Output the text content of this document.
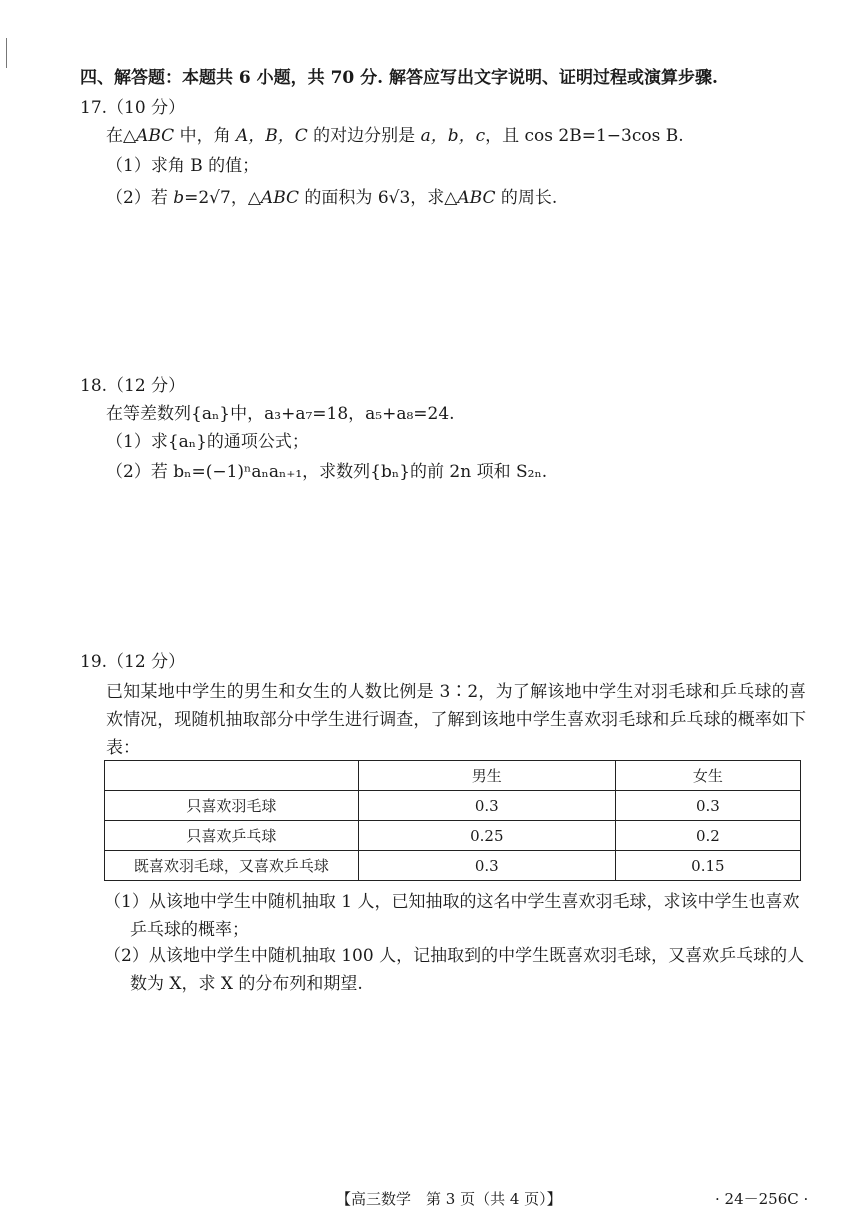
四、解答题：本题共 6 小题，共 70 分. 解答应写出文字说明、证明过程或演算步骤.
17.（10 分）
在△ABC 中，角 A，B，C 的对边分别是 a，b，c，且 cos 2B=1−3cos B.
（1）求角 B 的值；
（2）若 b=2√7，△ABC 的面积为 6√3，求△ABC 的周长.
18.（12 分）
在等差数列{aₙ}中，a₃+a₇=18，a₅+a₈=24.
（1）求{aₙ}的通项公式；
（2）若 bₙ=(−1)ⁿaₙaₙ₊₁，求数列{bₙ}的前 2n 项和 S₂ₙ.
19.（12 分）
已知某地中学生的男生和女生的人数比例是 3∶2，为了解该地中学生对羽毛球和乒乓球的喜欢情况，现随机抽取部分中学生进行调查，了解到该地中学生喜欢羽毛球和乒乓球的概率如下表：
	男生	女生
只喜欢羽毛球	0.3	0.3
只喜欢乒乓球	0.25	0.2
既喜欢羽毛球，又喜欢乒乓球	0.3	0.15
（1）从该地中学生中随机抽取 1 人，已知抽取的这名中学生喜欢羽毛球，求该中学生也喜欢
乒乓球的概率；
（2）从该地中学生中随机抽取 100 人，记抽取到的中学生既喜欢羽毛球，又喜欢乒乓球的人
数为 X，求 X 的分布列和期望.
【高三数学　第 3 页（共 4 页）】	· 24－256C ·
